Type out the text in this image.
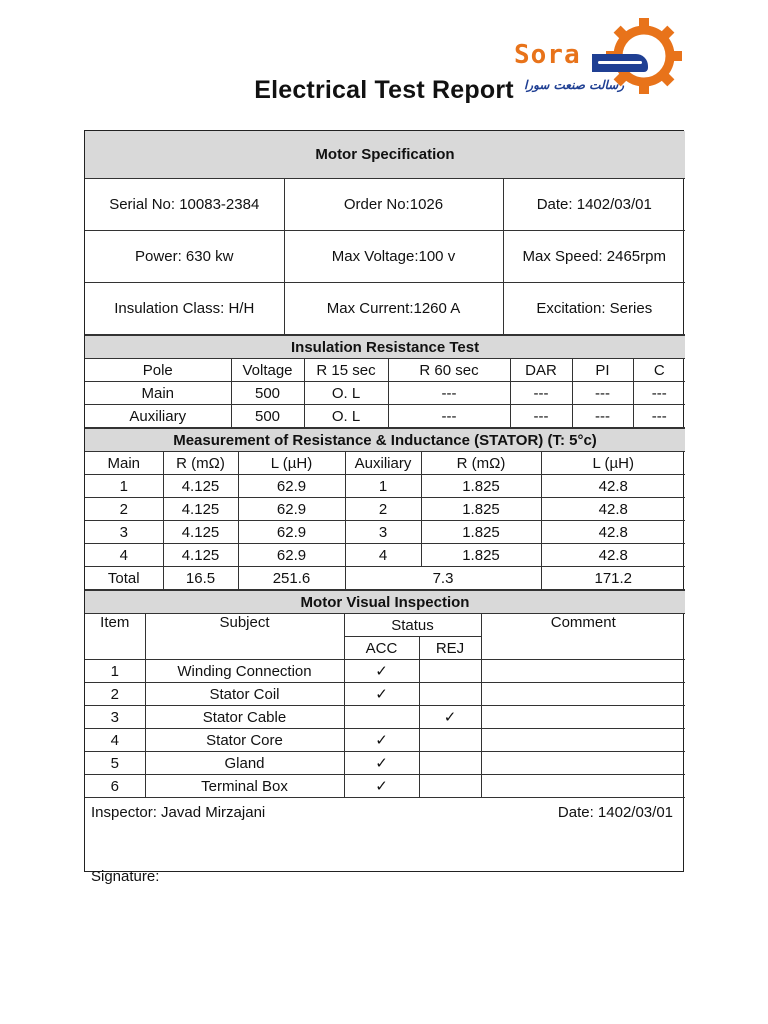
Sora
رسالت صنعت سورا
Electrical Test Report
Motor Specification		
Serial No: 10083-2384	Order No:1026	Date: 1402/03/01
Power: 630 kw	Max Voltage:100 v	Max Speed: 2465rpm
Insulation Class: H/H	Max Current:1260 A	Excitation: Series
Insulation Resistance Test						
Pole	Voltage	R 15 sec	R 60 sec	DAR	PI	C
Main	500	O. L	---	---	---	---
Auxiliary	500	O. L	---	---	---	---
Measurement of Resistance & Inductance (STATOR) (T: 5°c)					
Main	R (mΩ)	L (µH)	Auxiliary	R (mΩ)	L (µH)
1	4.125	62.9	1	1.825	42.8
2	4.125	62.9	2	1.825	42.8
3	4.125	62.9	3	1.825	42.8
4	4.125	62.9	4	1.825	42.8
Total	16.5	251.6	7.3		171.2
Motor Visual Inspection				
Item	Subject	Status		Comment
		ACC	REJ	
1	Winding Connection	✓		
2	Stator Coil	✓		
3	Stator Cable		✓	
4	Stator Core	✓		
5	Gland	✓		
6	Terminal Box	✓		
Inspector: Javad Mirzajani	Date: 1402/03/01
Signature:
